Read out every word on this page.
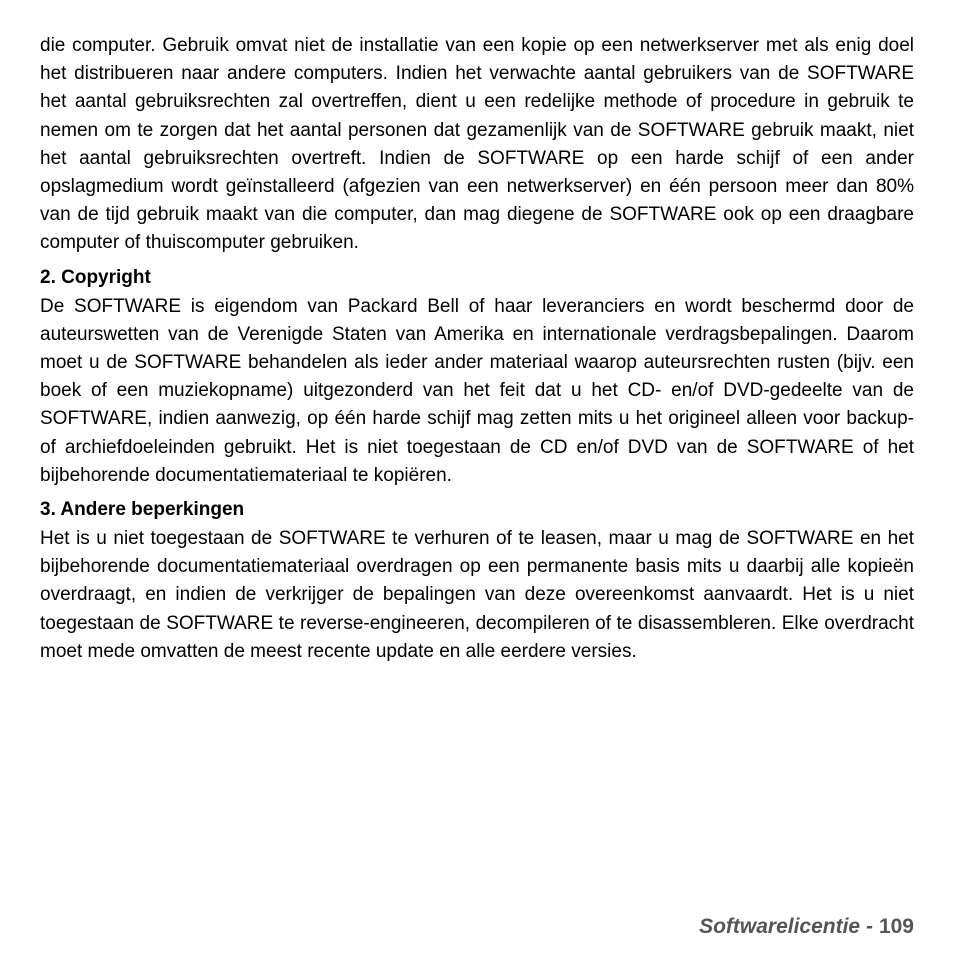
die computer. Gebruik omvat niet de installatie van een kopie op een netwerkserver met als enig doel het distribueren naar andere computers. Indien het verwachte aantal gebruikers van de SOFTWARE het aantal gebruiksrechten zal overtreffen, dient u een redelijke methode of procedure in gebruik te nemen om te zorgen dat het aantal personen dat gezamenlijk van de SOFTWARE gebruik maakt, niet het aantal gebruiksrechten overtreft. Indien de SOFTWARE op een harde schijf of een ander opslagmedium wordt geïnstalleerd (afgezien van een netwerkserver) en één persoon meer dan 80% van de tijd gebruik maakt van die computer, dan mag diegene de SOFTWARE ook op een draagbare computer of thuiscomputer gebruiken.

2. Copyright

De SOFTWARE is eigendom van Packard Bell of haar leveranciers en wordt beschermd door de auteurswetten van de Verenigde Staten van Amerika en internationale verdragsbepalingen. Daarom moet u de SOFTWARE behandelen als ieder ander materiaal waarop auteursrechten rusten (bijv. een boek of een muziekopname) uitgezonderd van het feit dat u het CD- en/of DVD-gedeelte van de SOFTWARE, indien aanwezig, op één harde schijf mag zetten mits u het origineel alleen voor backup- of archiefdoeleinden gebruikt. Het is niet toegestaan de CD en/of DVD van de SOFTWARE of het bijbehorende documentatiemateriaal te kopiëren.

3. Andere beperkingen

Het is u niet toegestaan de SOFTWARE te verhuren of te leasen, maar u mag de SOFTWARE en het bijbehorende documentatiemateriaal overdragen op een permanente basis mits u daarbij alle kopieën overdraagt, en indien de verkrijger de bepalingen van deze overeenkomst aanvaardt. Het is u niet toegestaan de SOFTWARE te reverse-engineeren, decompileren of te disassembleren. Elke overdracht moet mede omvatten de meest recente update en alle eerdere versies.

Softwarelicentie - 109
